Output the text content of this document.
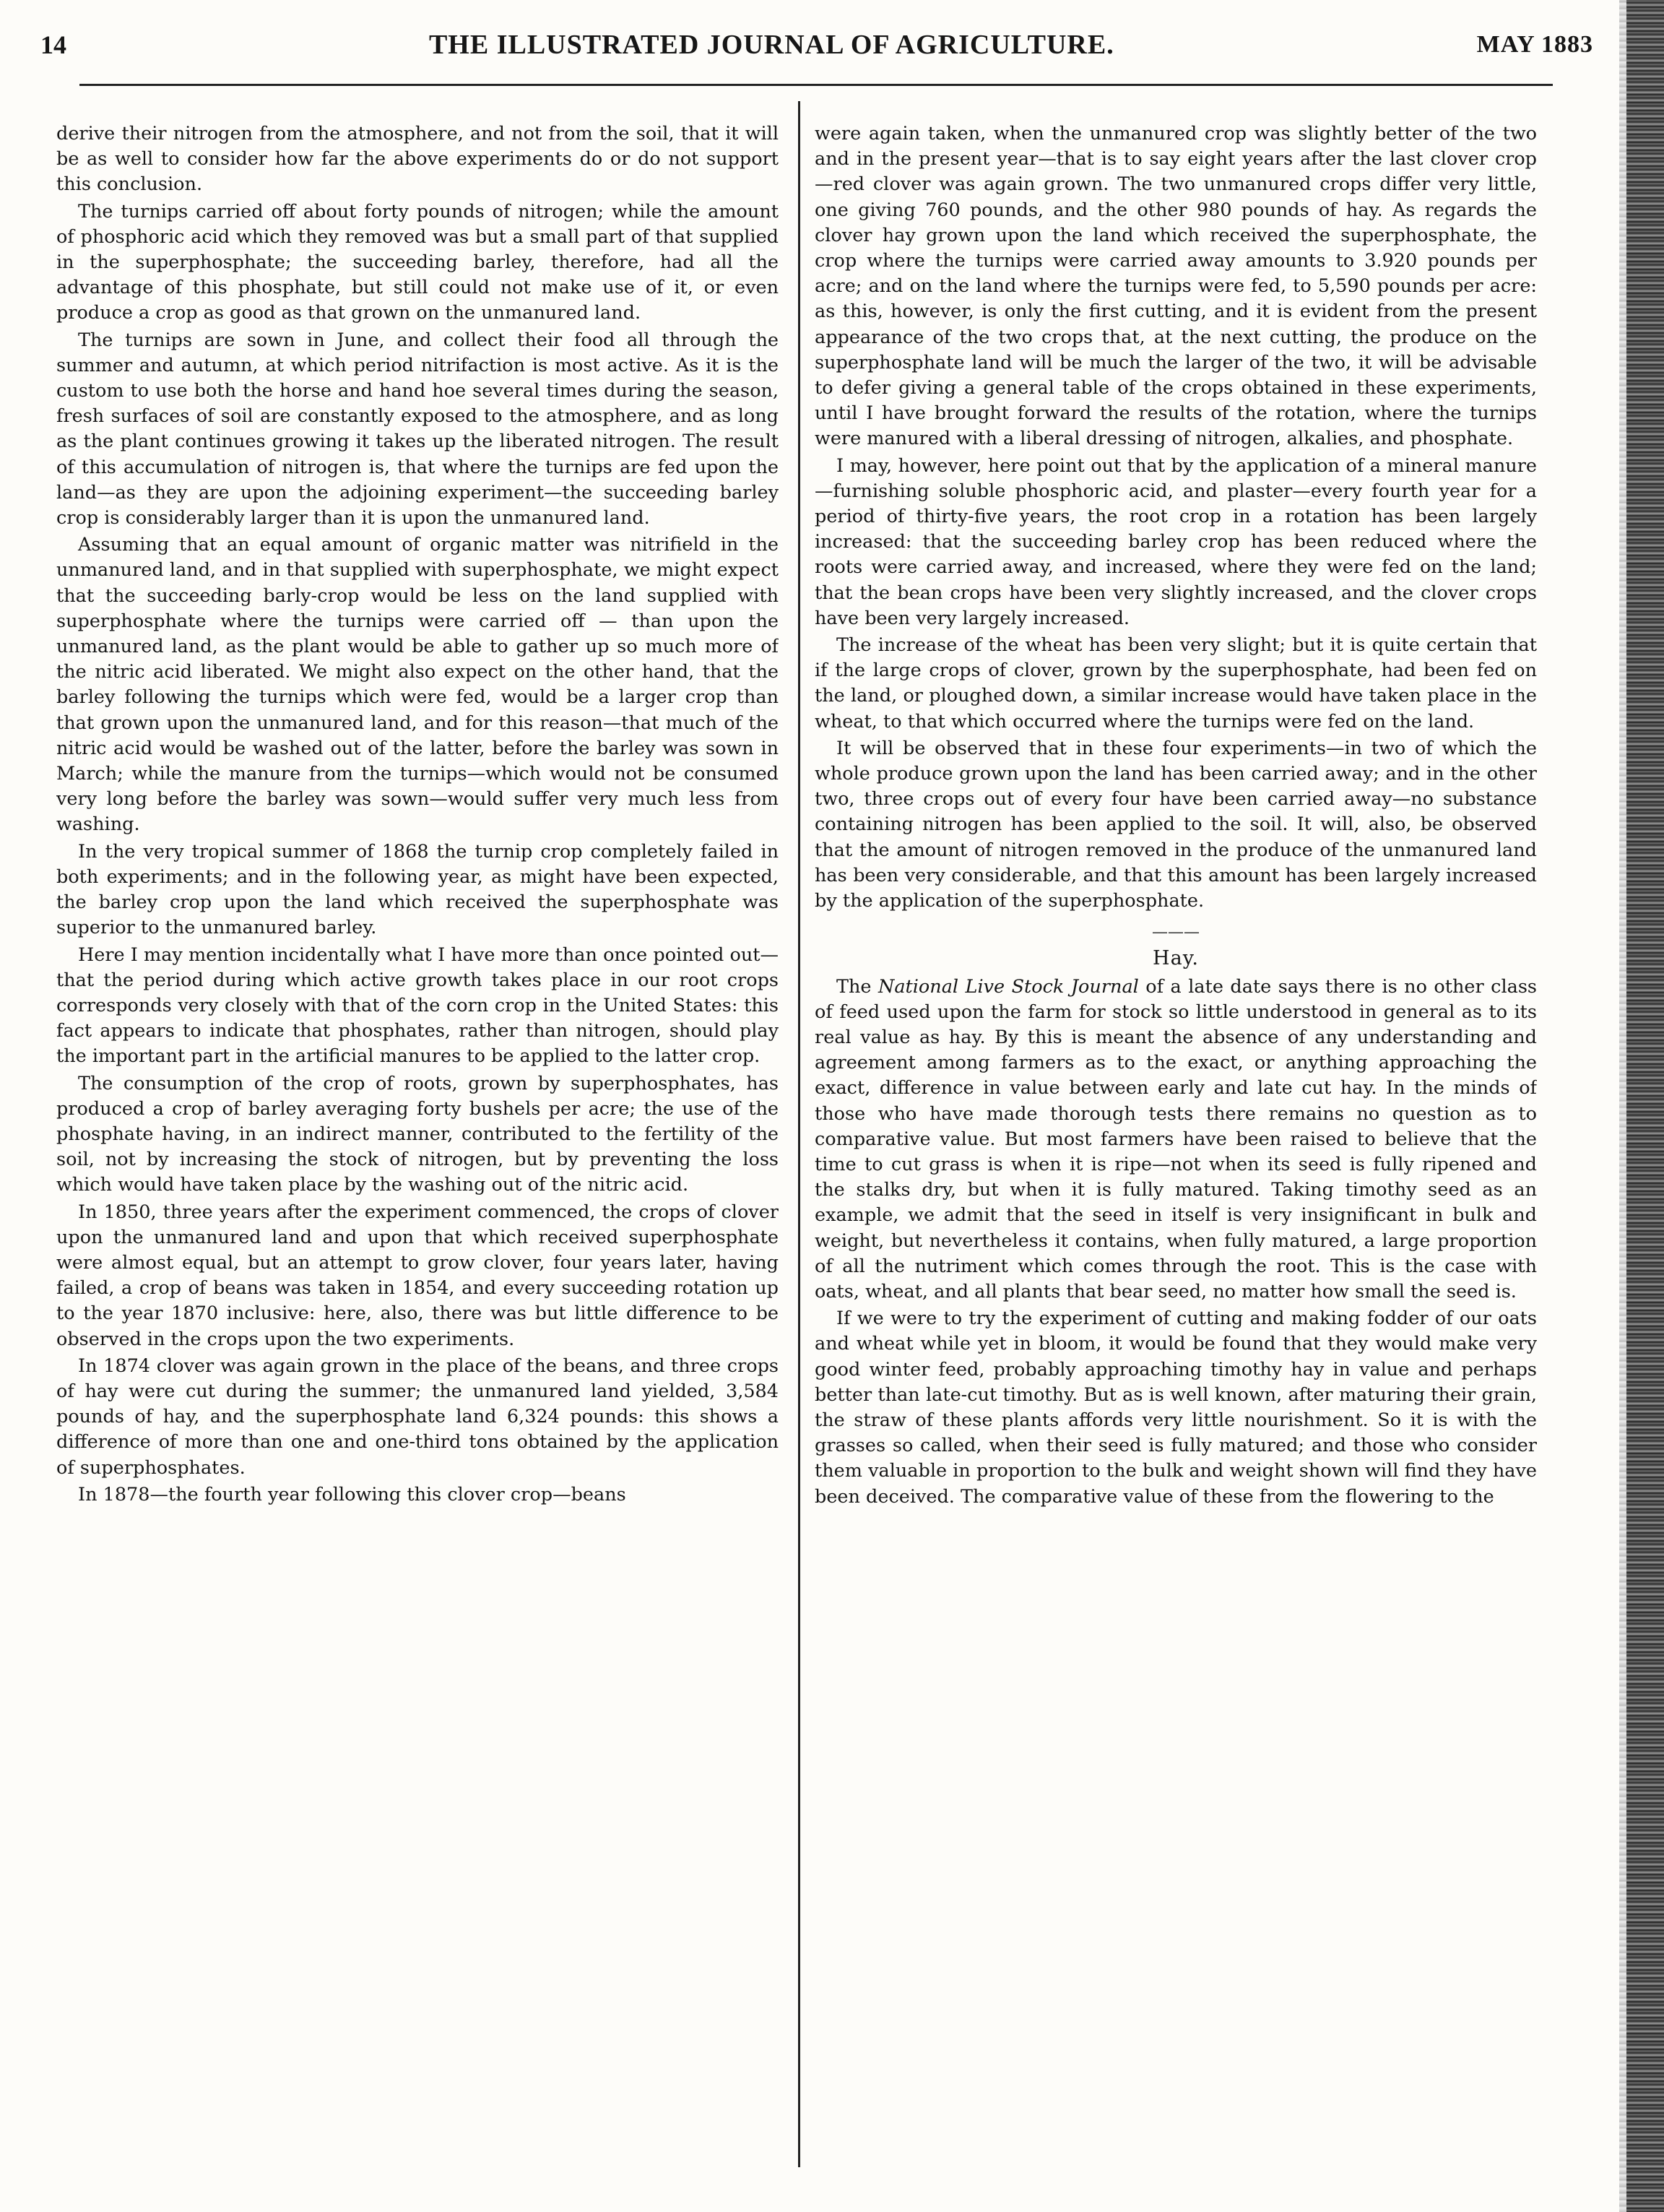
14	THE ILLUSTRATED JOURNAL OF AGRICULTURE.	MAY 1883

derive their nitrogen from the atmosphere, and not from the soil, that it will be as well to consider how far the above experiments do or do not support this conclusion.

The turnips carried off about forty pounds of nitrogen; while the amount of phosphoric acid which they removed was but a small part of that supplied in the superphosphate; the succeeding barley, therefore, had all the advantage of this phosphate, but still could not make use of it, or even produce a crop as good as that grown on the unmanured land.

The turnips are sown in June, and collect their food all through the summer and autumn, at which period nitrifaction is most active. As it is the custom to use both the horse and hand hoe several times during the season, fresh surfaces of soil are constantly exposed to the atmosphere, and as long as the plant continues growing it takes up the liberated nitrogen. The result of this accumulation of nitrogen is, that where the turnips are fed upon the land—as they are upon the adjoining experiment—the succeeding barley crop is considerably larger than it is upon the unmanured land.

Assuming that an equal amount of organic matter was nitrifield in the unmanured land, and in that supplied with superphosphate, we might expect that the succeeding barly-crop would be less on the land supplied with superphosphate where the turnips were carried off — than upon the unmanured land, as the plant would be able to gather up so much more of the nitric acid liberated. We might also expect on the other hand, that the barley following the turnips which were fed, would be a larger crop than that grown upon the unmanured land, and for this reason—that much of the nitric acid would be washed out of the latter, before the barley was sown in March; while the manure from the turnips—which would not be consumed very long before the barley was sown—would suffer very much less from washing.

In the very tropical summer of 1868 the turnip crop completely failed in both experiments; and in the following year, as might have been expected, the barley crop upon the land which received the superphosphate was superior to the unmanured barley.

Here I may mention incidentally what I have more than once pointed out—that the period during which active growth takes place in our root crops corresponds very closely with that of the corn crop in the United States: this fact appears to indicate that phosphates, rather than nitrogen, should play the important part in the artificial manures to be applied to the latter crop.

The consumption of the crop of roots, grown by superphosphates, has produced a crop of barley averaging forty bushels per acre; the use of the phosphate having, in an indirect manner, contributed to the fertility of the soil, not by increasing the stock of nitrogen, but by preventing the loss which would have taken place by the washing out of the nitric acid.

In 1850, three years after the experiment commenced, the crops of clover upon the unmanured land and upon that which received superphosphate were almost equal, but an attempt to grow clover, four years later, having failed, a crop of beans was taken in 1854, and every succeeding rotation up to the year 1870 inclusive: here, also, there was but little difference to be observed in the crops upon the two experiments.

In 1874 clover was again grown in the place of the beans, and three crops of hay were cut during the summer; the unmanured land yielded, 3,584 pounds of hay, and the superphosphate land 6,324 pounds: this shows a difference of more than one and one-third tons obtained by the application of superphosphates.

In 1878—the fourth year following this clover crop—beans

were again taken, when the unmanured crop was slightly better of the two and in the present year—that is to say eight years after the last clover crop—red clover was again grown. The two unmanured crops differ very little, one giving 760 pounds, and the other 980 pounds of hay. As regards the clover hay grown upon the land which received the superphosphate, the crop where the turnips were carried away amounts to 3.920 pounds per acre; and on the land where the turnips were fed, to 5,590 pounds per acre: as this, however, is only the first cutting, and it is evident from the present appearance of the two crops that, at the next cutting, the produce on the superphosphate land will be much the larger of the two, it will be advisable to defer giving a general table of the crops obtained in these experiments, until I have brought forward the results of the rotation, where the turnips were manured with a liberal dressing of nitrogen, alkalies, and phosphate.

I may, however, here point out that by the application of a mineral manure—furnishing soluble phosphoric acid, and plaster—every fourth year for a period of thirty-five years, the root crop in a rotation has been largely increased: that the succeeding barley crop has been reduced where the roots were carried away, and increased, where they were fed on the land; that the bean crops have been very slightly increased, and the clover crops have been very largely increased.

The increase of the wheat has been very slight; but it is quite certain that if the large crops of clover, grown by the superphosphate, had been fed on the land, or ploughed down, a similar increase would have taken place in the wheat, to that which occurred where the turnips were fed on the land.

It will be observed that in these four experiments—in two of which the whole produce grown upon the land has been carried away; and in the other two, three crops out of every four have been carried away—no substance containing nitrogen has been applied to the soil. It will, also, be observed that the amount of nitrogen removed in the produce of the unmanured land has been very considerable, and that this amount has been largely increased by the application of the superphosphate.

———
Hay.

The National Live Stock Journal of a late date says there is no other class of feed used upon the farm for stock so little understood in general as to its real value as hay. By this is meant the absence of any understanding and agreement among farmers as to the exact, or anything approaching the exact, difference in value between early and late cut hay. In the minds of those who have made thorough tests there remains no question as to comparative value. But most farmers have been raised to believe that the time to cut grass is when it is ripe—not when its seed is fully ripened and the stalks dry, but when it is fully matured. Taking timothy seed as an example, we admit that the seed in itself is very insignificant in bulk and weight, but nevertheless it contains, when fully matured, a large proportion of all the nutriment which comes through the root. This is the case with oats, wheat, and all plants that bear seed, no matter how small the seed is.

If we were to try the experiment of cutting and making fodder of our oats and wheat while yet in bloom, it would be found that they would make very good winter feed, probably approaching timothy hay in value and perhaps better than late-cut timothy. But as is well known, after maturing their grain, the straw of these plants affords very little nourishment. So it is with the grasses so called, when their seed is fully matured; and those who consider them valuable in proportion to the bulk and weight shown will find they have been deceived. The comparative value of these from the flowering to the
